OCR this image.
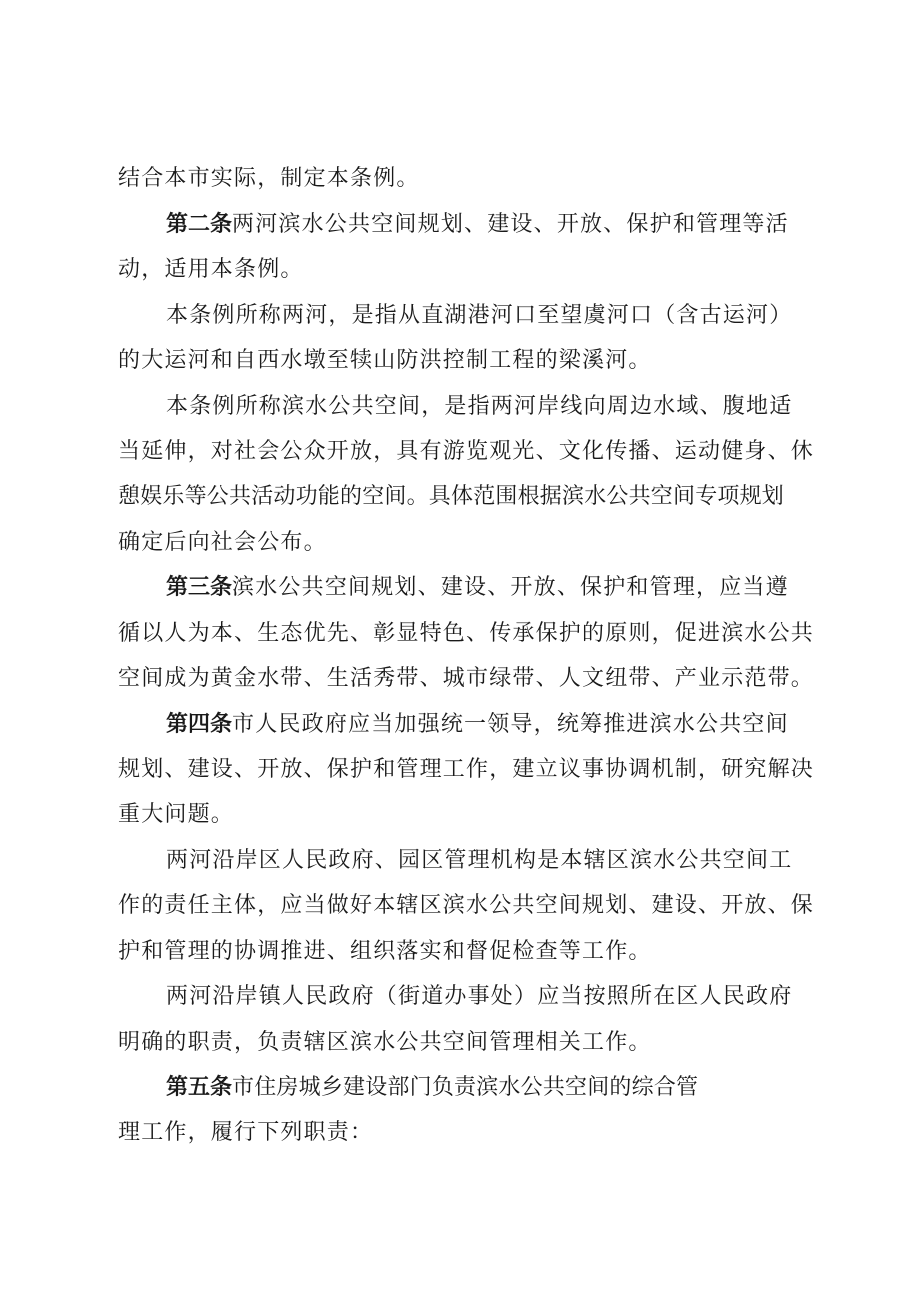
结合本市实际，制定本条例。
第二条两河滨水公共空间规划、建设、开放、保护和管理等活
动，适用本条例。
本条例所称两河，是指从直湖港河口至望虞河口（含古运河）
的大运河和自西水墩至犊山防洪控制工程的梁溪河。
本条例所称滨水公共空间，是指两河岸线向周边水域、腹地适
当延伸，对社会公众开放，具有游览观光、文化传播、运动健身、休
憩娱乐等公共活动功能的空间。具体范围根据滨水公共空间专项规划
确定后向社会公布。
第三条滨水公共空间规划、建设、开放、保护和管理，应当遵
循以人为本、生态优先、彰显特色、传承保护的原则，促进滨水公共
空间成为黄金水带、生活秀带、城市绿带、人文纽带、产业示范带。
第四条市人民政府应当加强统一领导，统筹推进滨水公共空间
规划、建设、开放、保护和管理工作，建立议事协调机制，研究解决
重大问题。
两河沿岸区人民政府、园区管理机构是本辖区滨水公共空间工
作的责任主体，应当做好本辖区滨水公共空间规划、建设、开放、保
护和管理的协调推进、组织落实和督促检查等工作。
两河沿岸镇人民政府（街道办事处）应当按照所在区人民政府
明确的职责，负责辖区滨水公共空间管理相关工作。
第五条市住房城乡建设部门负责滨水公共空间的综合管
理工作，履行下列职责：
